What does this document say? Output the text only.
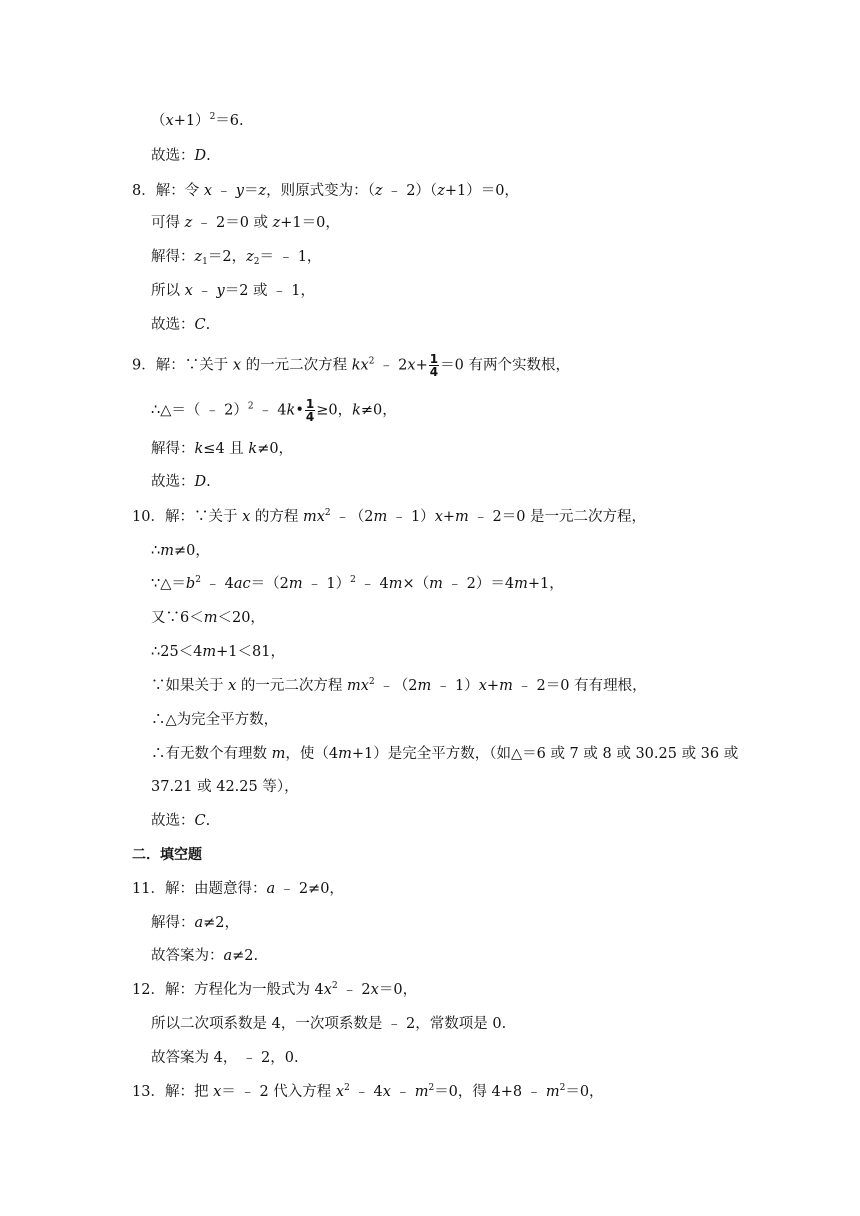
$(x+1)^2=6$.
故选：D.
8．解：令 x ﹣ y＝z，则原式变为：（z ﹣ 2）（z+1）＝0，
可得 z ﹣ 2＝0 或 z+1＝0，
解得：$z_1=2$，$z_2=$ ﹣ 1，
所以 x ﹣ y＝2 或 ﹣ 1，
故选：C.
9．解：∵关于 x 的一元二次方程 $kx^2$ ﹣ $2x+ \frac{1}{4} =0$ 有两个实数根，
∴△＝（ ﹣ 2）$^2$ ﹣ 4k• $\frac{1}{4} \ge 0$，k≠0，
解得：k≤4 且 k≠0，
故选：D.
10．解：∵关于 x 的方程 $mx^2$ ﹣（2m ﹣ 1）x+m ﹣ 2＝0 是一元二次方程，
∴m≠0，
$\because\triangle=b^2$ ﹣ 4ac＝（2m ﹣ 1）$^2$ ﹣ 4m×（m ﹣ 2）＝4m+1，
又∵6＜m＜20，
∴25＜4m+1＜81，
∵如果关于 x 的一元二次方程 $mx^2$ ﹣（2m ﹣ 1）x+m ﹣ 2＝0 有有理根，
∴△为完全平方数，
∴有无数个有理数 m，使（4m+1）是完全平方数，（如△＝6 或 7 或 8 或 30.25 或 36 或
37.21 或 42.25 等），
故选：C.
二．填空题
11．解：由题意得：a ﹣ 2≠0，
解得：a≠2，
故答案为：a≠2.
12．解：方程化为一般式为 $4x^2$ ﹣ 2x＝0，
所以二次项系数是 4，一次项系数是 ﹣ 2，常数项是 0.
故答案为 4， ﹣ 2，0.
13．解：把 x＝ ﹣ 2 代入方程 $x^2$ ﹣ 4x ﹣ $m^2=0$，得 4+8 ﹣ $m^2=0$，
